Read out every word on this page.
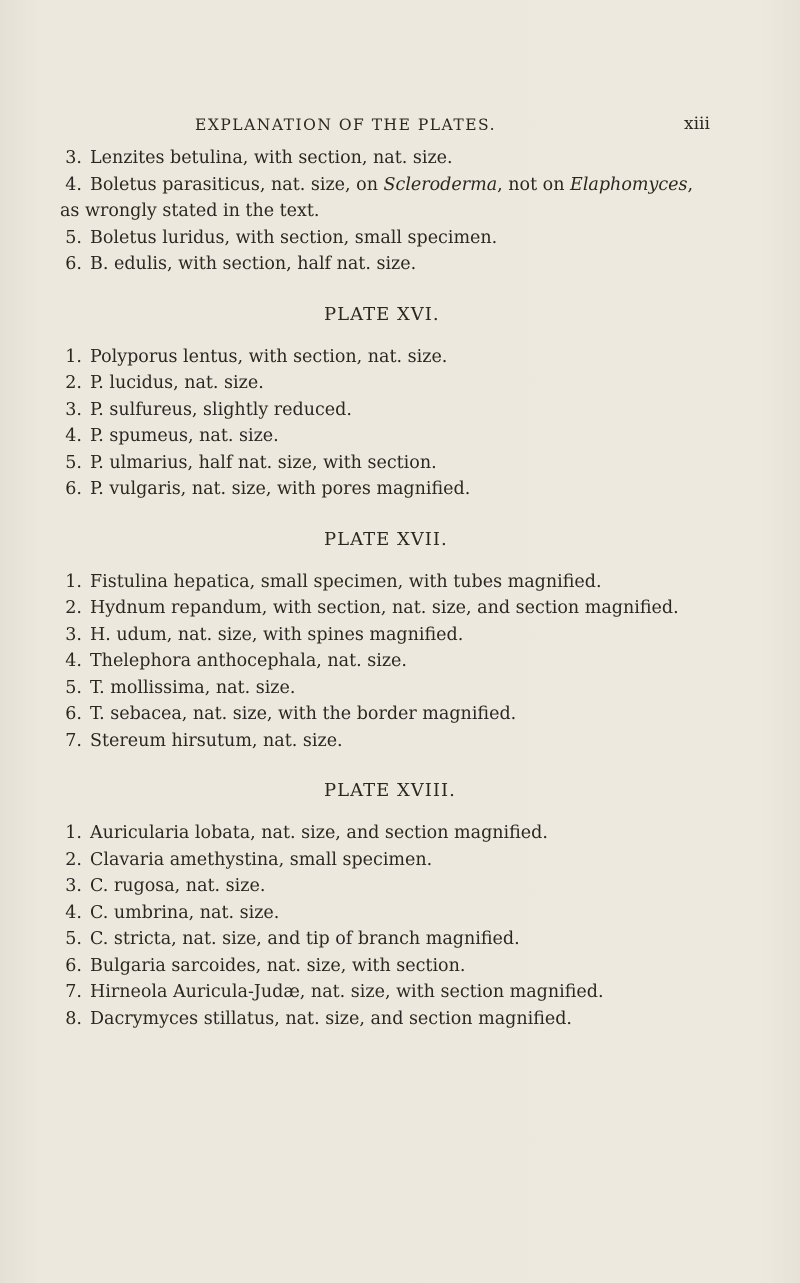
EXPLANATION OF THE PLATES.	xiii
3. Lenzites betulina, with section, nat. size.
4. Boletus parasiticus, nat. size, on Scleroderma, not on Elaphomyces,
as wrongly stated in the text.
5. Boletus luridus, with section, small specimen.
6. B. edulis, with section, half nat. size.
PLATE XVI.
1. Polyporus lentus, with section, nat. size.
2. P. lucidus, nat. size.
3. P. sulfureus, slightly reduced.
4. P. spumeus, nat. size.
5. P. ulmarius, half nat. size, with section.
6. P. vulgaris, nat. size, with pores magnified.
PLATE XVII.
1. Fistulina hepatica, small specimen, with tubes magnified.
2. Hydnum repandum, with section, nat. size, and section magnified.
3. H. udum, nat. size, with spines magnified.
4. Thelephora anthocephala, nat. size.
5. T. mollissima, nat. size.
6. T. sebacea, nat. size, with the border magnified.
7. Stereum hirsutum, nat. size.
PLATE XVIII.
1. Auricularia lobata, nat. size, and section magnified.
2. Clavaria amethystina, small specimen.
3. C. rugosa, nat. size.
4. C. umbrina, nat. size.
5. C. stricta, nat. size, and tip of branch magnified.
6. Bulgaria sarcoides, nat. size, with section.
7. Hirneola Auricula-Judæ, nat. size, with section magnified.
8. Dacrymyces stillatus, nat. size, and section magnified.
